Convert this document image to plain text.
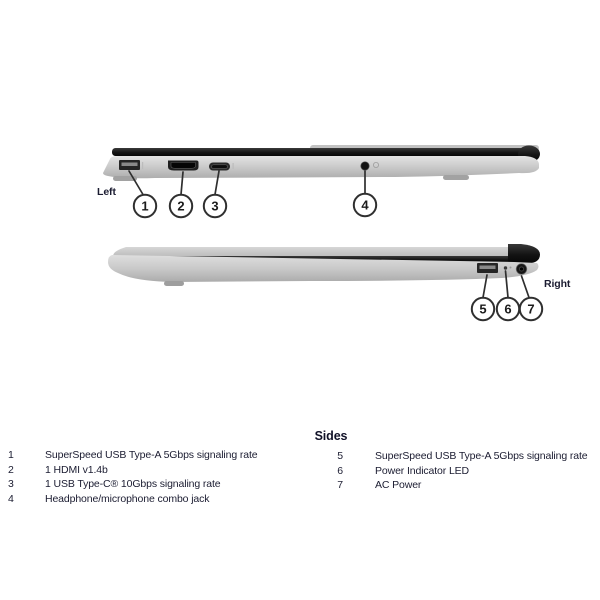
1 2 3	4
Left
5 6 7
Right
Sides
1	SuperSpeed USB Type-A 5Gbps signaling rate
2	1 HDMI v1.4b
3	1 USB Type-C® 10Gbps signaling rate
4	Headphone/microphone combo jack
5	SuperSpeed USB Type-A 5Gbps signaling rate
6	Power Indicator LED
7	AC Power
